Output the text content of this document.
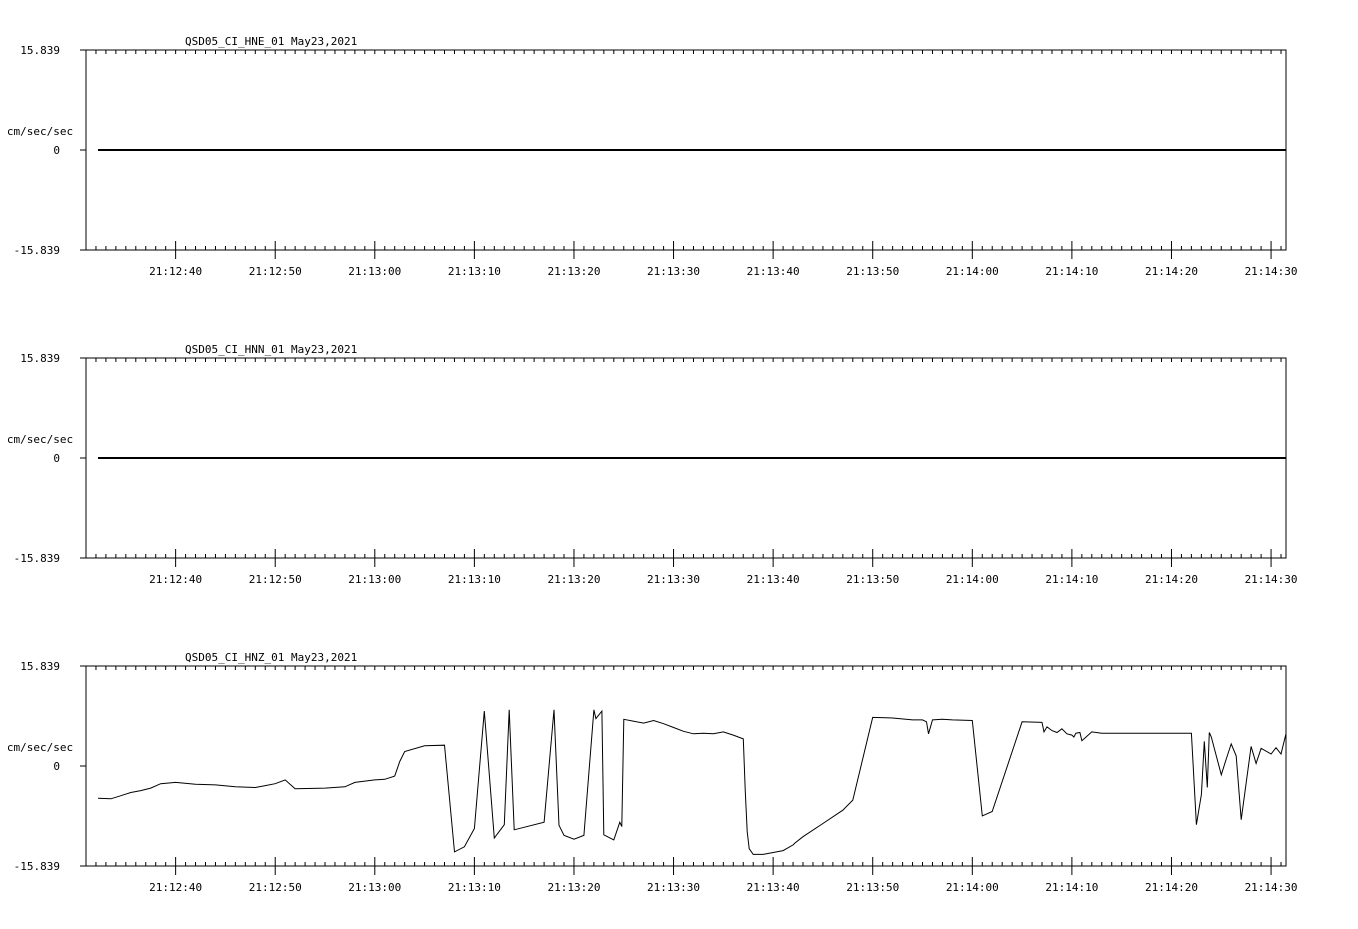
QSD05_CI_HNE_01 May23,2021
15.839
0
-15.839
cm/sec/sec
21:12:40	21:12:50	21:13:00	21:13:10	21:13:20	21:13:30	21:13:40	21:13:50	21:14:00	21:14:10	21:14:20	21:14:30
QSD05_CI_HNN_01 May23,2021
15.839
0
-15.839
cm/sec/sec
21:12:40	21:12:50	21:13:00	21:13:10	21:13:20	21:13:30	21:13:40	21:13:50	21:14:00	21:14:10	21:14:20	21:14:30
QSD05_CI_HNZ_01 May23,2021
15.839
0
-15.839
cm/sec/sec
21:12:40	21:12:50	21:13:00	21:13:10	21:13:20	21:13:30	21:13:40	21:13:50	21:14:00	21:14:10	21:14:20	21:14:30
